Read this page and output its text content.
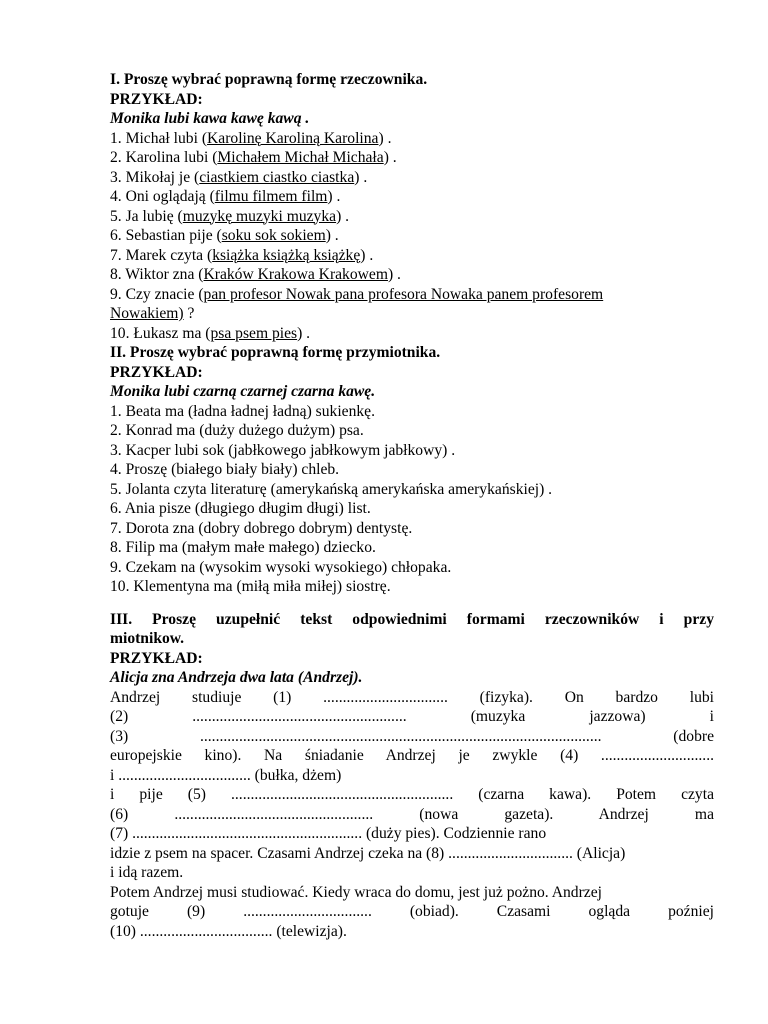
I. Proszę wybrać poprawną formę rzeczownika.
PRZYKŁAD:
Monika lubi kawa kawę kawą .
1. Michał lubi (Karolinę Karoliną Karolina) .
2. Karolina lubi (Michałem Michał Michała) .
3. Mikołaj je (ciastkiem ciastko ciastka) .
4. Oni oglądają (filmu filmem film) .
5. Ja lubię (muzykę muzyki muzyka) .
6. Sebastian pije (soku sok sokiem) .
7. Marek czyta (książka książką książkę) .
8. Wiktor zna (Kraków Krakowa Krakowem) .
9. Czy znacie (pan profesor Nowak pana profesora Nowaka panem profesorem
Nowakiem) ?
10. Łukasz ma (psa psem pies) .
II. Proszę wybrać poprawną formę przymiotnika.
PRZYKŁAD:
Monika lubi czarną czarnej czarna kawę.
1. Beata ma (ładna ładnej ładną) sukienkę.
2. Konrad ma (duży dużego dużym) psa.
3. Kacper lubi sok (jabłkowego jabłkowym jabłkowy) .
4. Proszę (białego biały biały) chleb.
5. Jolanta czyta literaturę (amerykańską amerykańska amerykańskiej) .
6. Ania pisze (długiego długim długi) list.
7. Dorota zna (dobry dobrego dobrym) dentystę.
8. Filip ma (małym małe małego) dziecko.
9. Czekam na (wysokim wysoki wysokiego) chłopaka.
10. Klementyna ma (miłą miła miłej) siostrę.
III. Proszę uzupełnić tekst odpowiednimi formami rzeczowników i przy
miotnikow.
PRZYKŁAD:
Alicja zna Andrzeja dwa lata (Andrzej).
Andrzej studiuje (1) ................................ (fizyka). On bardzo lubi
(2) ....................................................... (muzyka jazzowa) i
(3) ....................................................................................................... (dobre
europejskie kino). Na śniadanie Andrzej je zwykle (4) .............................
i .................................. (bułka, dżem)
i pije (5) ......................................................... (czarna kawa). Potem czyta
(6) ................................................... (nowa gazeta). Andrzej ma
(7) ........................................................... (duży pies). Codziennie rano
idzie z psem na spacer. Czasami Andrzej czeka na (8) ................................ (Alicja)
i idą razem.
Potem Andrzej musi studiować. Kiedy wraca do domu, jest już pożno. Andrzej
gotuje (9) ................................. (obiad). Czasami ogląda poźniej
(10) .................................. (telewizja).
